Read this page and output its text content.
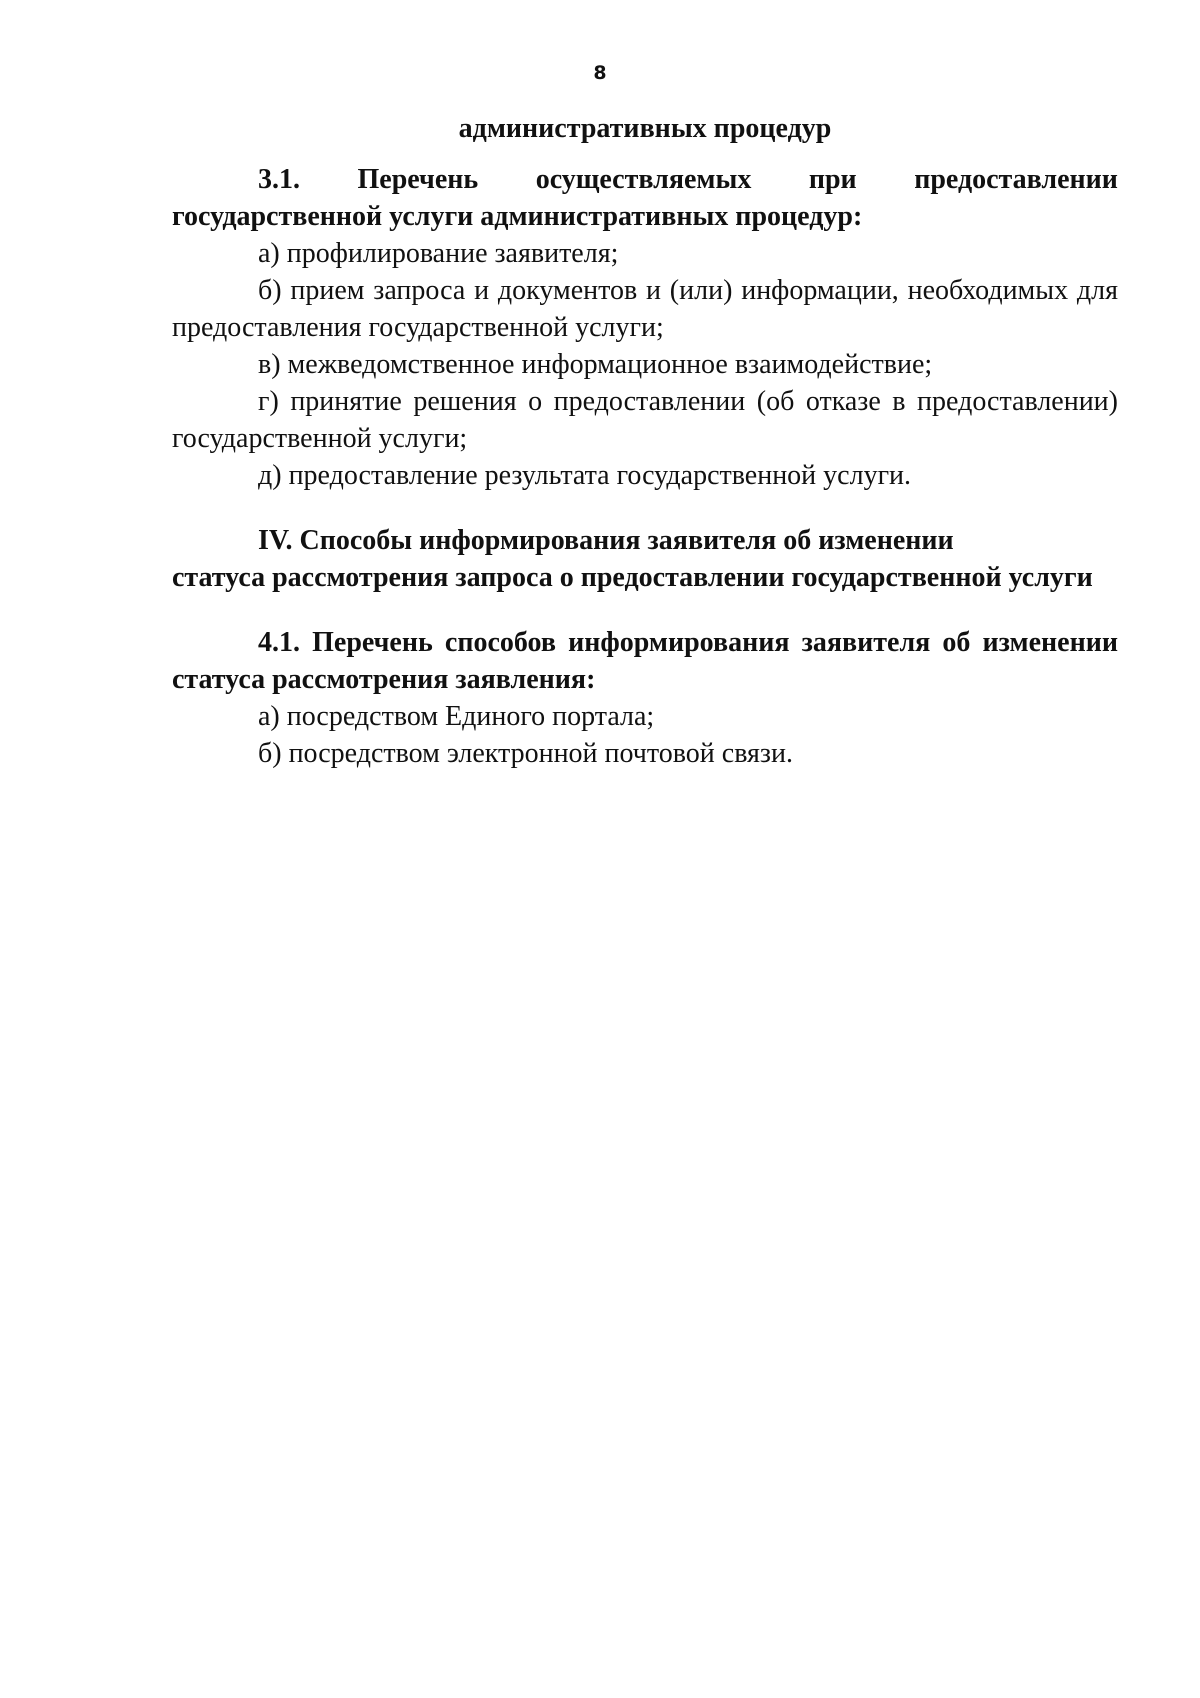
8

административных процедур

3.1. Перечень осуществляемых при предоставлении

государственной услуги административных процедур:

а) профилирование заявителя;

б) прием запроса и документов и (или) информации, необходимых для предоставления государственной услуги;

в) межведомственное информационное взаимодействие;

г) принятие решения о предоставлении (об отказе в предоставлении) государственной услуги;

д) предоставление результата государственной услуги.

IV. Способы информирования заявителя об изменении
статуса рассмотрения запроса о предоставлении государственной услуги

4.1. Перечень способов информирования заявителя об изменении статуса рассмотрения заявления:

а) посредством Единого портала;

б) посредством электронной почтовой связи.
